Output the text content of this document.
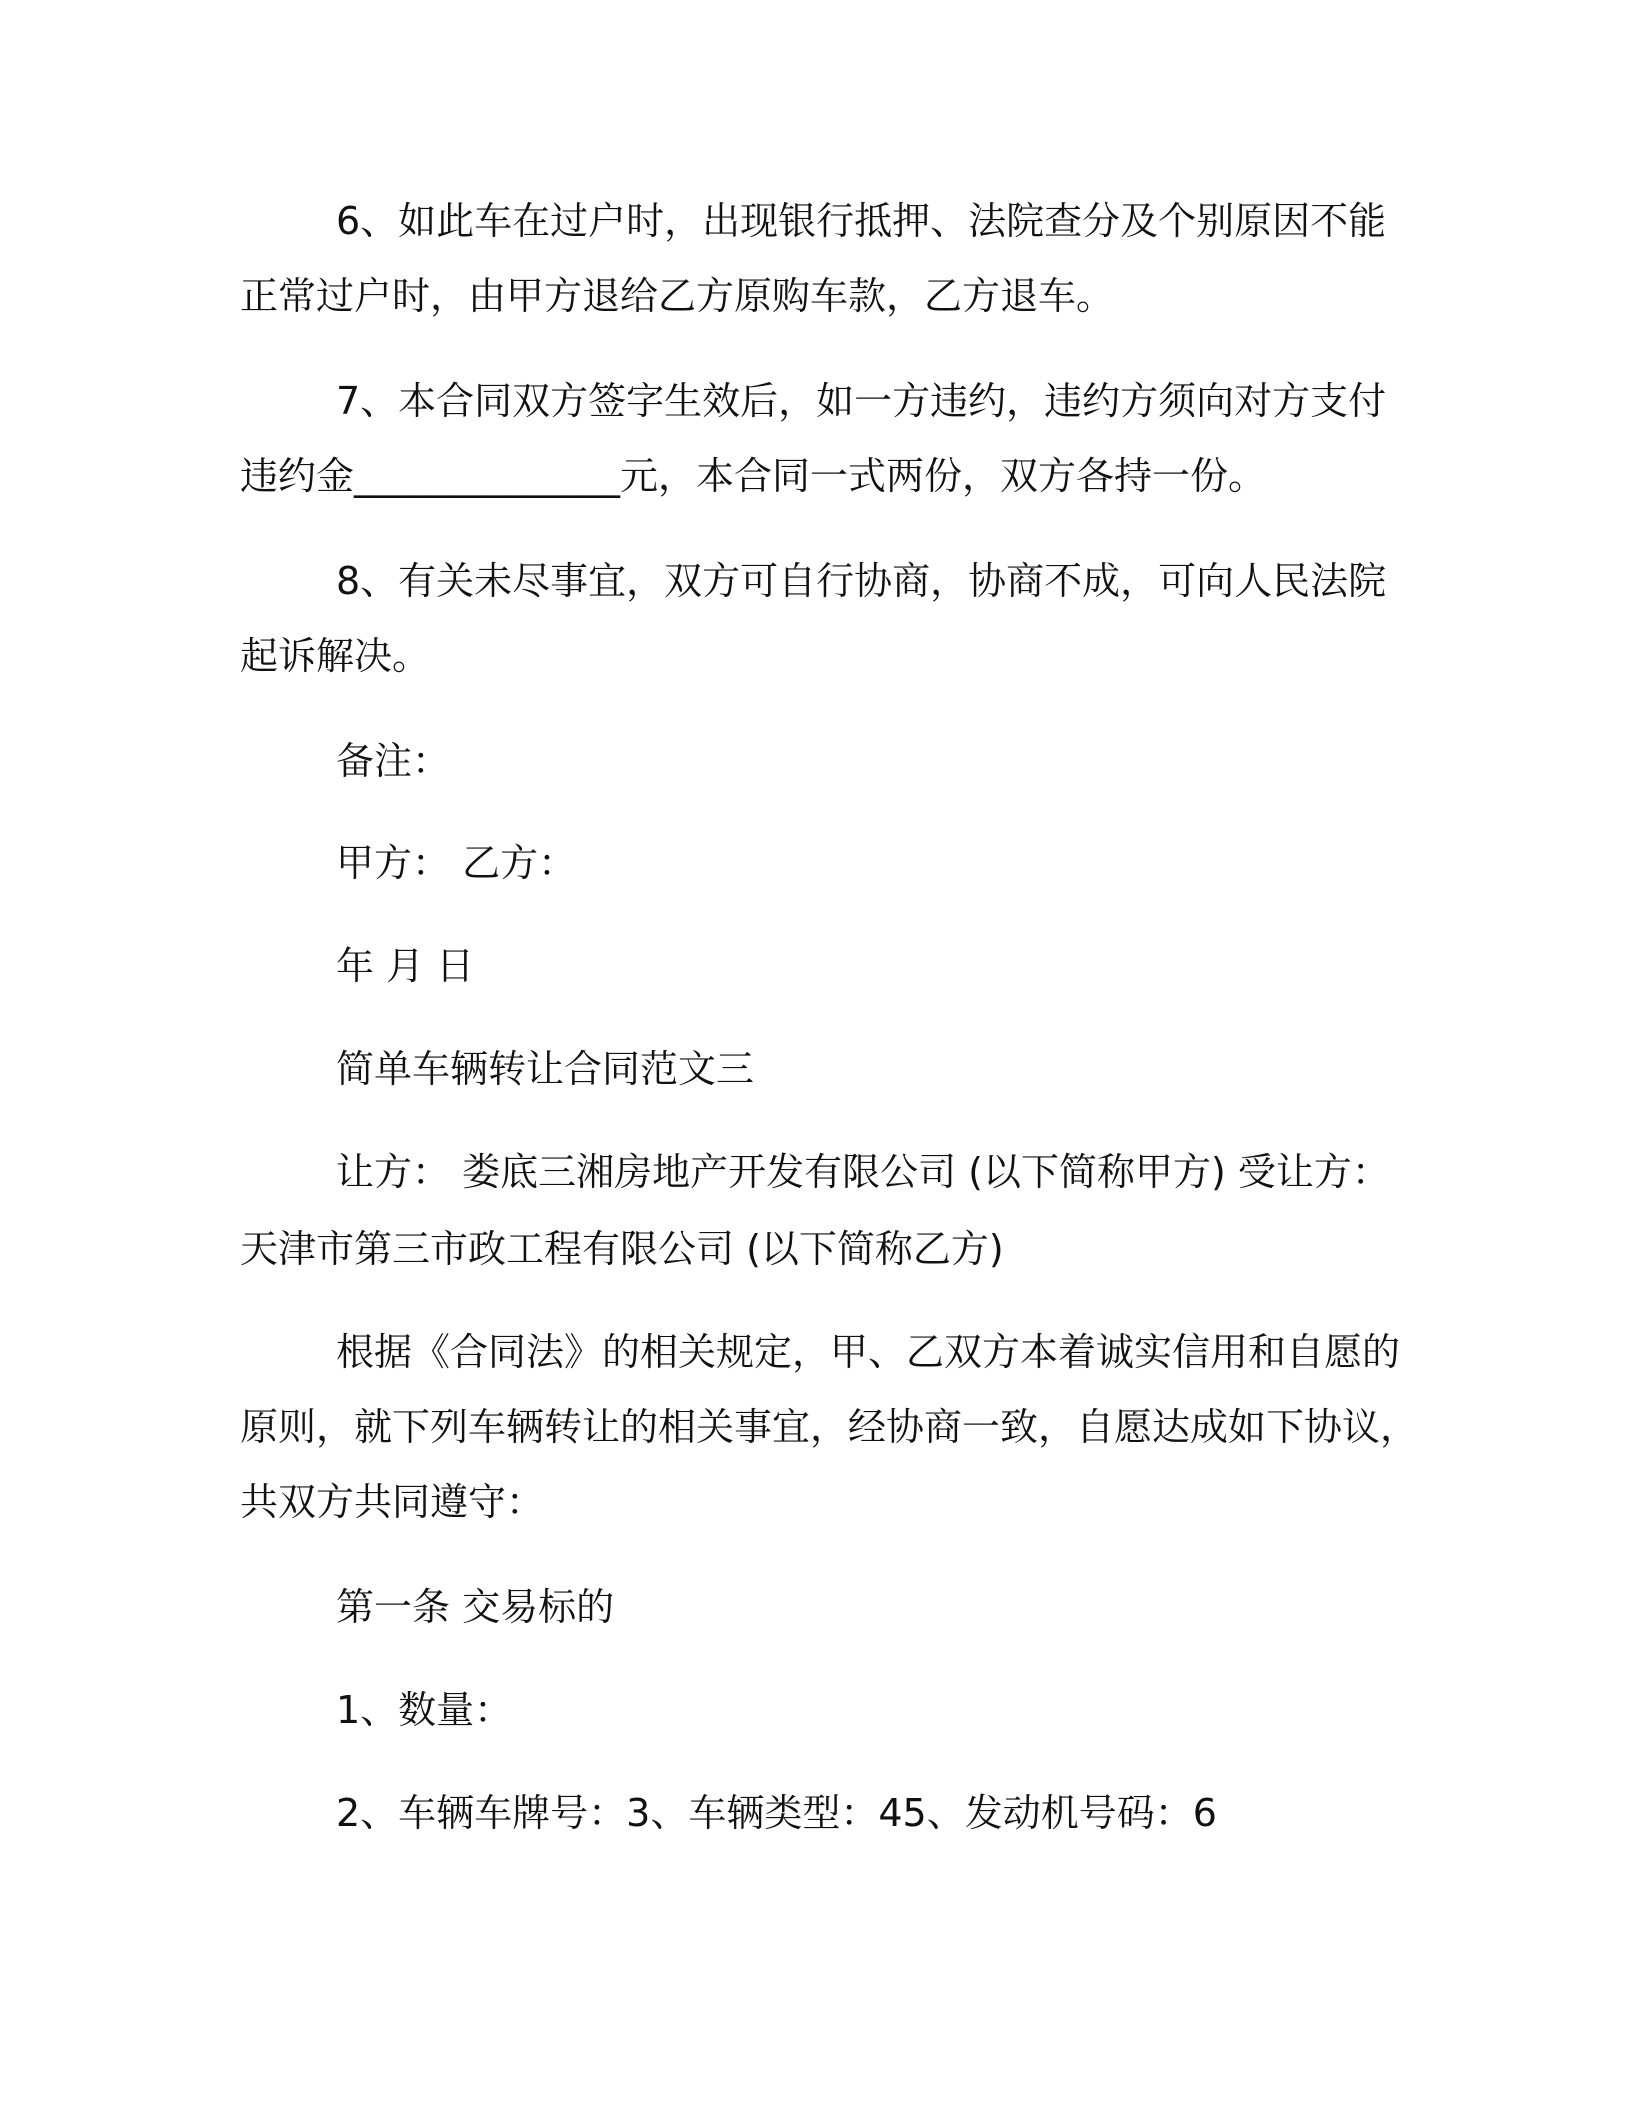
6、如此车在过户时，出现银行抵押、法院查分及个别原因不能
正常过户时，由甲方退给乙方原购车款，乙方退车。
7、本合同双方签字生效后，如一方违约，违约方须向对方支付
违约金______________元，本合同一式两份，双方各持一份。
8、有关未尽事宜，双方可自行协商，协商不成，可向人民法院
起诉解决。
备注：
甲方： 乙方：
年 月 日
简单车辆转让合同范文三
让方： 娄底三湘房地产开发有限公司 (以下简称甲方) 受让方：
天津市第三市政工程有限公司 (以下简称乙方)
根据《合同法》的相关规定，甲、乙双方本着诚实信用和自愿的
原则，就下列车辆转让的相关事宜，经协商一致，自愿达成如下协议，
共双方共同遵守：
第一条 交易标的
1、数量：
2、车辆车牌号：3、车辆类型：45、发动机号码：6
